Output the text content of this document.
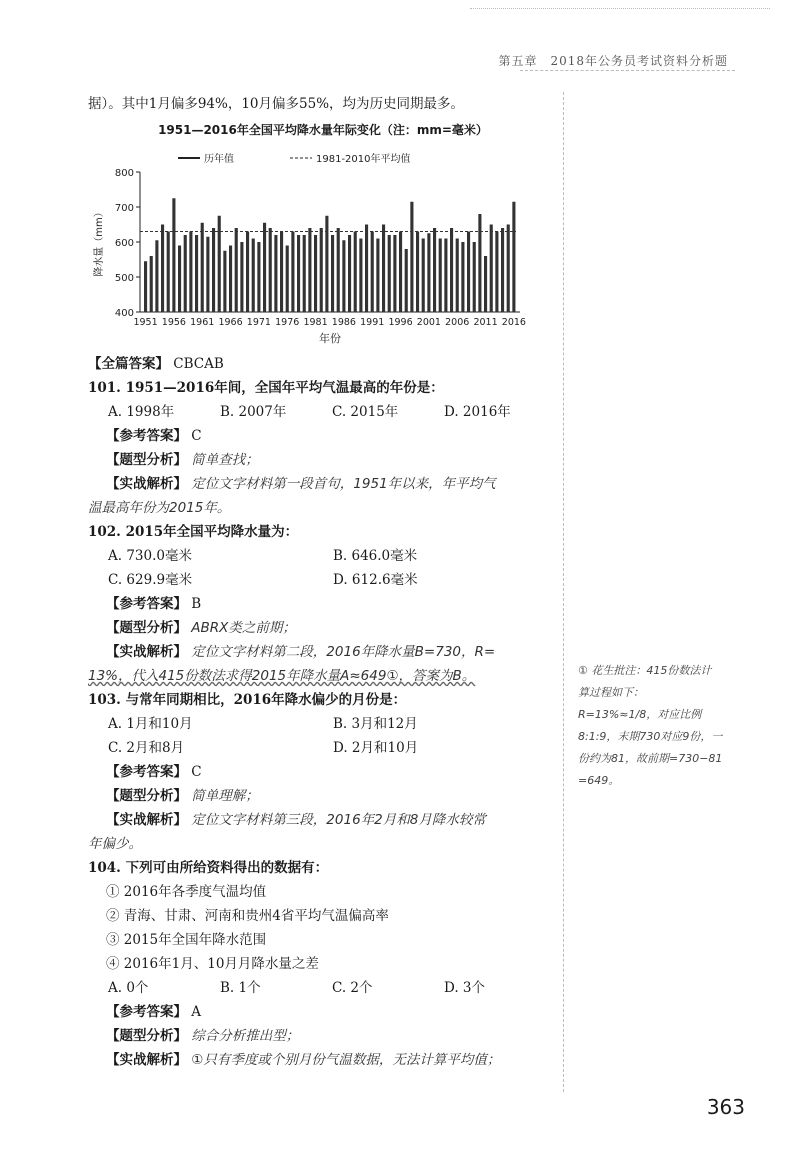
第五章　2018年公务员考试资料分析题
据）。其中1月偏多94%，10月偏多55%，均为历史同期最多。
1951—2016年全国平均降水量年际变化（注：mm=毫米）
400
500
600
700
800
降水量（mm）
1951 1956 1961 1966 1971 1976 1981 1986 1991 1996 2001 2006 2011 2016
年份
历年值	1981-2010年平均值
【全篇答案】 CBCAB
101. 1951—2016年间，全国年平均气温最高的年份是：
A. 1998年	B. 2007年	C. 2015年	D. 2016年
【参考答案】 C
【题型分析】 简单查找；
【实战解析】 定位文字材料第一段首句，1951年以来，年平均气
温最高年份为2015年。
102. 2015年全国平均降水量为：
A. 730.0毫米	B. 646.0毫米
C. 629.9毫米	D. 612.6毫米
【参考答案】 B
【题型分析】 ABRX类之前期；
【实战解析】 定位文字材料第二段，2016年降水量B=730，R=
13%，代入415份数法求得2015年降水量A≈649①，答案为B。
103. 与常年同期相比，2016年降水偏少的月份是：
A. 1月和10月	B. 3月和12月
C. 2月和8月	D. 2月和10月
【参考答案】 C
【题型分析】 简单理解；
【实战解析】 定位文字材料第三段，2016年2月和8月降水较常
年偏少。
104. 下列可由所给资料得出的数据有：
① 2016年各季度气温均值
② 青海、甘肃、河南和贵州4省平均气温偏高率
③ 2015年全国年降水范围
④ 2016年1月、10月月降水量之差
A. 0个	B. 1个	C. 2个	D. 3个
【参考答案】 A
【题型分析】 综合分析推出型；
【实战解析】 ①只有季度或个别月份气温数据，无法计算平均值；
① 花生批注：415份数法计
算过程如下：
R=13%≈1/8，对应比例
8:1:9，末期730对应9份，一
份约为81，故前期=730−81
=649。
363
